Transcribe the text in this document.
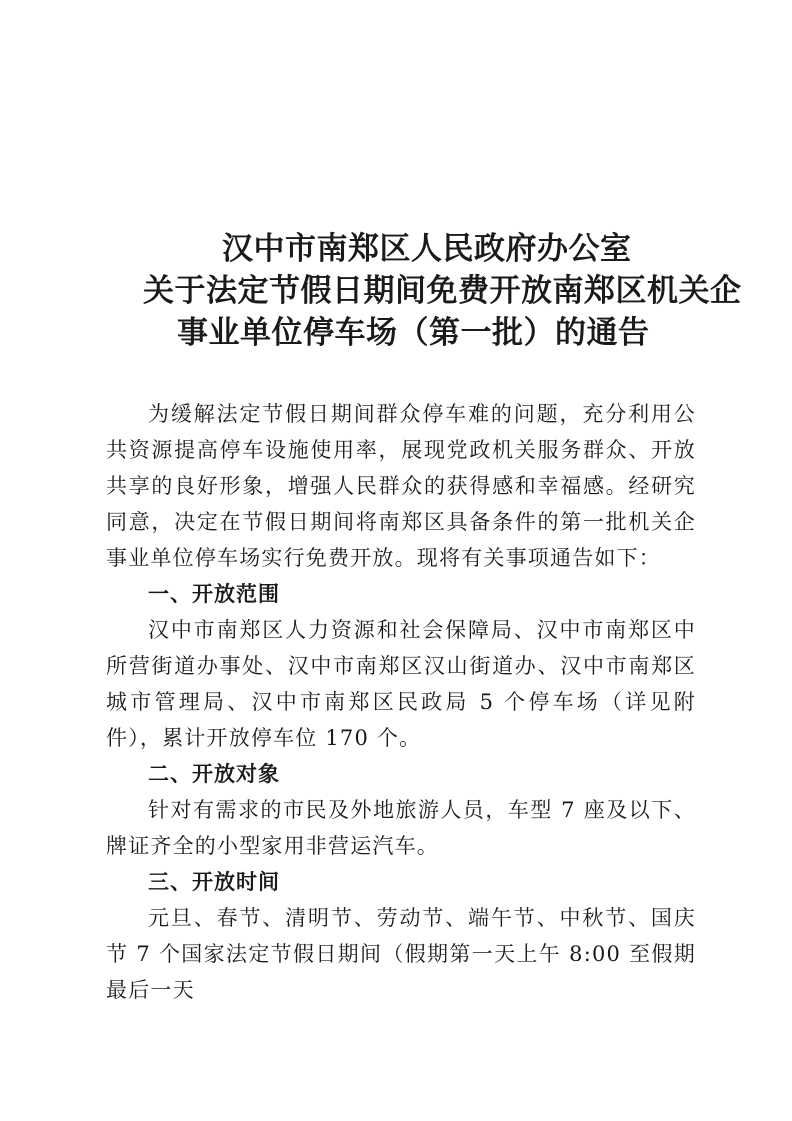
汉中市南郑区人民政府办公室
关于法定节假日期间免费开放南郑区机关企
事业单位停车场（第一批）的通告

为缓解法定节假日期间群众停车难的问题，充分利用公共资源提高停车设施使用率，展现党政机关服务群众、开放共享的良好形象，增强人民群众的获得感和幸福感。经研究同意，决定在节假日期间将南郑区具备条件的第一批机关企事业单位停车场实行免费开放。现将有关事项通告如下：

一、开放范围

汉中市南郑区人力资源和社会保障局、汉中市南郑区中所营街道办事处、汉中市南郑区汉山街道办、汉中市南郑区城市管理局、汉中市南郑区民政局 5 个停车场（详见附件），累计开放停车位 170 个。

二、开放对象

针对有需求的市民及外地旅游人员，车型 7 座及以下、牌证齐全的小型家用非营运汽车。

三、开放时间

元旦、春节、清明节、劳动节、端午节、中秋节、国庆节 7 个国家法定节假日期间（假期第一天上午 8:00 至假期最后一天
